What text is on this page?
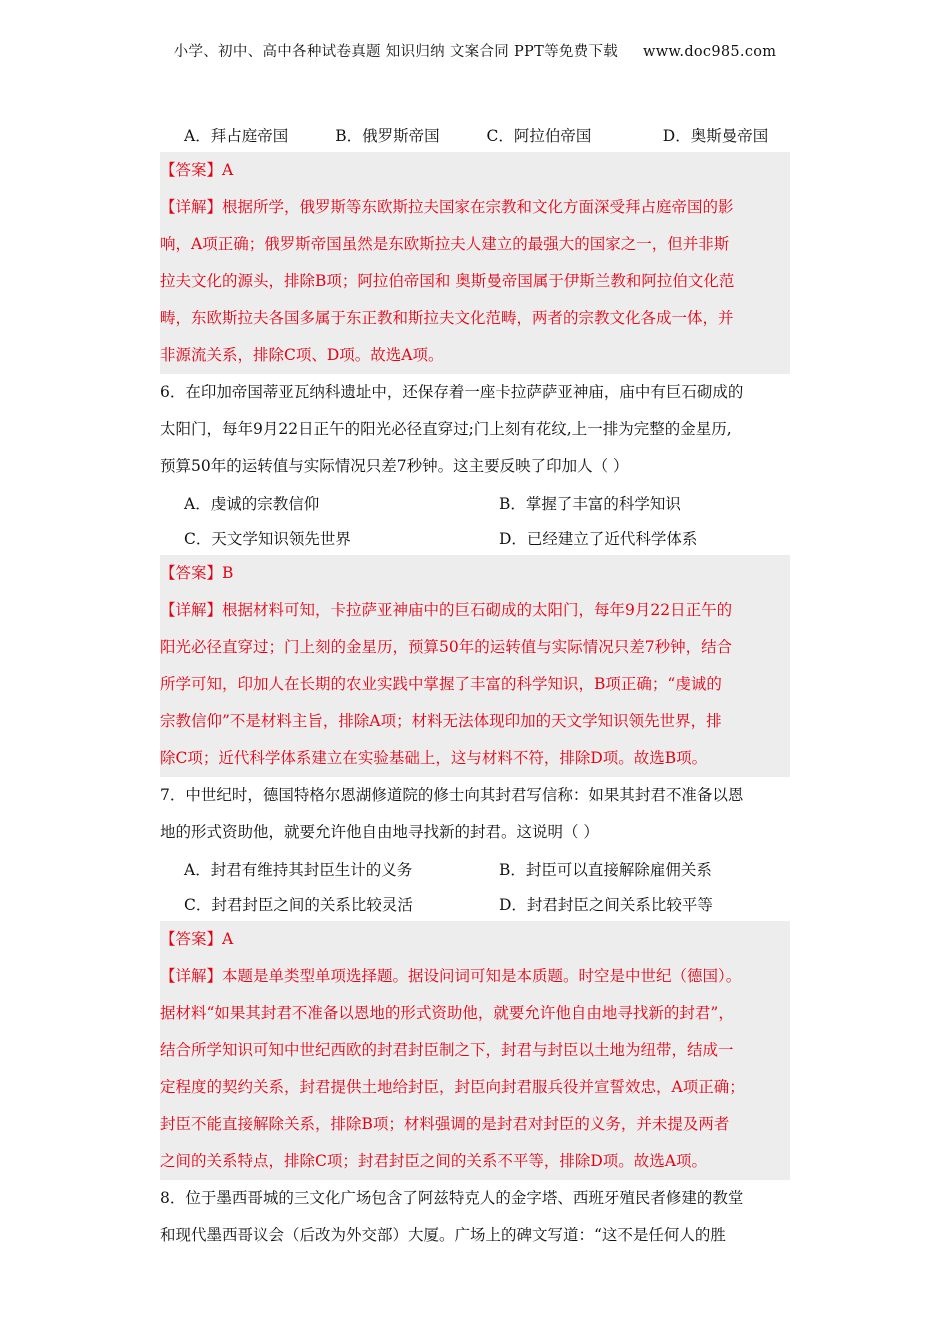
小学、初中、高中各种试卷真题 知识归纳 文案合同 PPT等免费下载 www.doc985.com
A．拜占庭帝国	B．俄罗斯帝国	C．阿拉伯帝国	D．奥斯曼帝国
【答案】A
【详解】根据所学，俄罗斯等东欧斯拉夫国家在宗教和文化方面深受拜占庭帝国的影
响，A项正确；俄罗斯帝国虽然是东欧斯拉夫人建立的最强大的国家之一，但并非斯
拉夫文化的源头，排除B项；阿拉伯帝国和 奥斯曼帝国属于伊斯兰教和阿拉伯文化范
畴，东欧斯拉夫各国多属于东正教和斯拉夫文化范畴，两者的宗教文化各成一体，并
非源流关系，排除C项、D项。故选A项。
6．在印加帝国蒂亚瓦纳科遗址中，还保存着一座卡拉萨萨亚神庙，庙中有巨石砌成的
太阳门，每年9月22日正午的阳光必径直穿过;门上刻有花纹,上一排为完整的金星历,
预算50年的运转值与实际情况只差7秒钟。这主要反映了印加人（ ）
A．虔诚的宗教信仰	B．掌握了丰富的科学知识
C．天文学知识领先世界	D．已经建立了近代科学体系
【答案】B
【详解】根据材料可知，卡拉萨亚神庙中的巨石砌成的太阳门，每年9月22日正午的
阳光必径直穿过；门上刻的金星历，预算50年的运转值与实际情况只差7秒钟，结合
所学可知，印加人在长期的农业实践中掌握了丰富的科学知识，B项正确；“虔诚的
宗教信仰”不是材料主旨，排除A项；材料无法体现印加的天文学知识领先世界，排
除C项；近代科学体系建立在实验基础上，这与材料不符，排除D项。故选B项。
7．中世纪时，德国特格尔恩湖修道院的修士向其封君写信称：如果其封君不准备以恩
地的形式资助他，就要允许他自由地寻找新的封君。这说明（ ）
A．封君有维持其封臣生计的义务	B．封臣可以直接解除雇佣关系
C．封君封臣之间的关系比较灵活	D．封君封臣之间关系比较平等
【答案】A
【详解】本题是单类型单项选择题。据设问词可知是本质题。时空是中世纪（德国）。
据材料“如果其封君不准备以恩地的形式资助他，就要允许他自由地寻找新的封君”，
结合所学知识可知中世纪西欧的封君封臣制之下，封君与封臣以土地为纽带，结成一
定程度的契约关系，封君提供土地给封臣，封臣向封君服兵役并宣誓效忠，A项正确；
封臣不能直接解除关系，排除B项；材料强调的是封君对封臣的义务，并未提及两者
之间的关系特点，排除C项；封君封臣之间的关系不平等，排除D项。故选A项。
8．位于墨西哥城的三文化广场包含了阿兹特克人的金字塔、西班牙殖民者修建的教堂
和现代墨西哥议会（后改为外交部）大厦。广场上的碑文写道：“这不是任何人的胜
